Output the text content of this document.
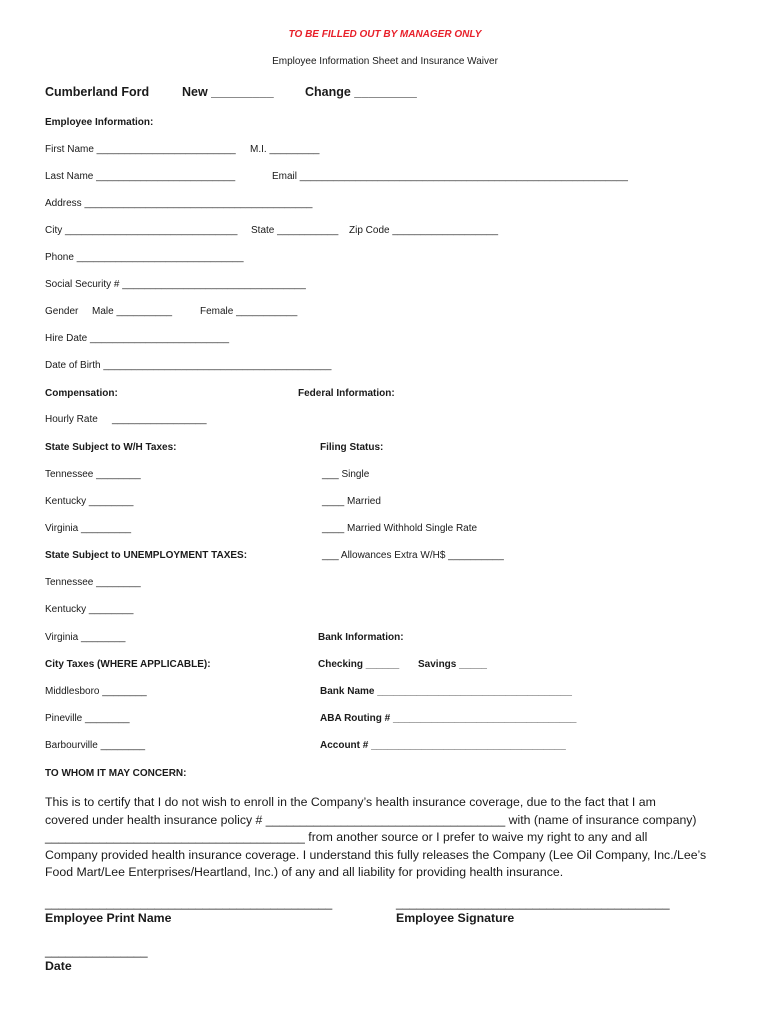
TO BE FILLED OUT BY MANAGER ONLY
Employee Information Sheet and Insurance Waiver
Cumberland Ford	New _________	Change _________
Employee Information:
First Name _________________________ M.I. _________
Last Name _________________________	Email ___________________________________________________________
Address _________________________________________
City _______________________________ State ___________ Zip Code ___________________
Phone ______________________________
Social Security # _________________________________
Gender Male __________	Female ___________
Hire Date _________________________
Date of Birth _________________________________________
Compensation:	Federal Information:
Hourly Rate _________________
State Subject to W/H Taxes:	Filing Status:
Tennessee ________	___ Single
Kentucky ________	____ Married
Virginia _________	____ Married Withhold Single Rate
State Subject to UNEMPLOYMENT TAXES:	___ Allowances Extra W/H$ __________
Tennessee ________
Kentucky ________
Virginia ________	Bank Information:
City Taxes (WHERE APPLICABLE):	Checking ______ Savings _____
Middlesboro ________	Bank Name ___________________________________
Pineville ________	ABA Routing # _________________________________
Barbourville ________	Account # ___________________________________
TO WHOM IT MAY CONCERN:

This is to certify that I do not wish to enroll in the Company’s health insurance coverage, due to the fact that I am

covered under health insurance policy # ___________________________________ with (name of insurance company)

______________________________________ from another source or I prefer to waive my right to any and all

Company provided health insurance coverage. I understand this fully releases the Company (Lee Oil Company, Inc./Lee’s

Food Mart/Lee Enterprises/Heartland, Inc.) of any and all liability for providing health insurance.

__________________________________________
Employee Print Name
________________________________________
Employee Signature
_______________
Date
